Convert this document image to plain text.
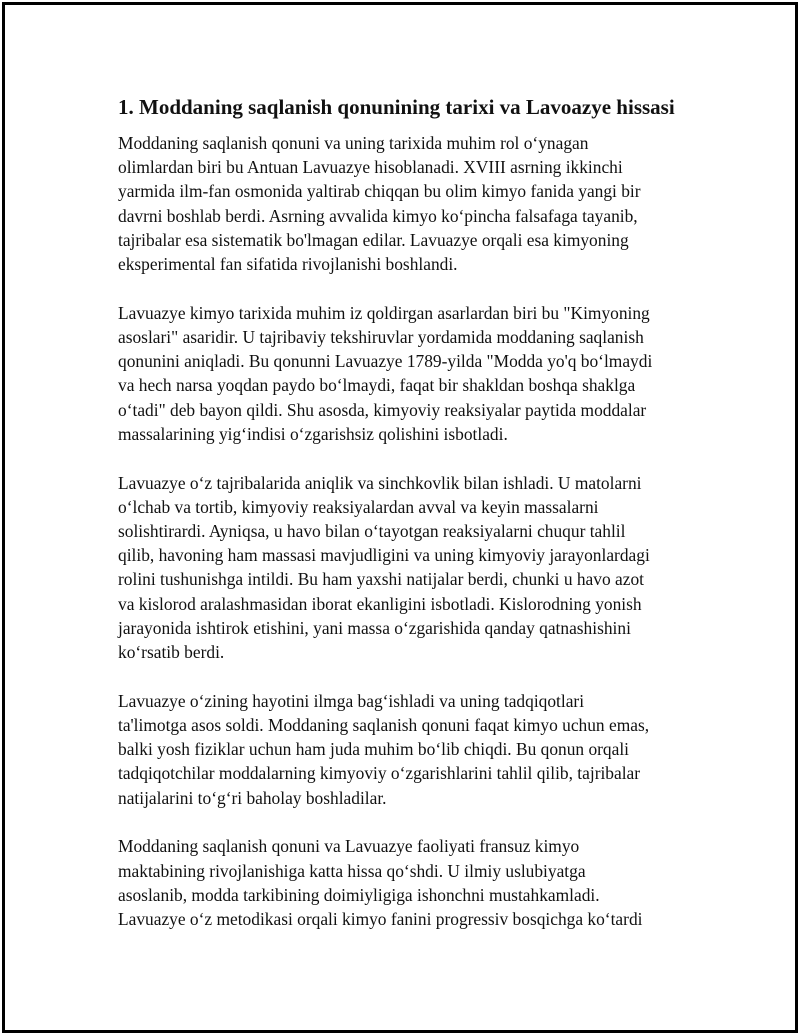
1. Moddaning saqlanish qonunining tarixi va Lavoazye hissasi

Moddaning saqlanish qonuni va uning tarixida muhim rol o‘ynagan
olimlardan biri bu Antuan Lavuazye hisoblanadi. XVIII asrning ikkinchi
yarmida ilm-fan osmonida yaltirab chiqqan bu olim kimyo fanida yangi bir
davrni boshlab berdi. Asrning avvalida kimyo ko‘pincha falsafaga tayanib,
tajribalar esa sistematik bo'lmagan edilar. Lavuazye orqali esa kimyoning
eksperimental fan sifatida rivojlanishi boshlandi.

Lavuazye kimyo tarixida muhim iz qoldirgan asarlardan biri bu "Kimyoning
asoslari" asaridir. U tajribaviy tekshiruvlar yordamida moddaning saqlanish
qonunini aniqladi. Bu qonunni Lavuazye 1789-yilda "Modda yo'q bo‘lmaydi
va hech narsa yoqdan paydo bo‘lmaydi, faqat bir shakldan boshqa shaklga
o‘tadi" deb bayon qildi. Shu asosda, kimyoviy reaksiyalar paytida moddalar
massalarining yig‘indisi o‘zgarishsiz qolishini isbotladi.

Lavuazye o‘z tajribalarida aniqlik va sinchkovlik bilan ishladi. U matolarni
o‘lchab va tortib, kimyoviy reaksiyalardan avval va keyin massalarni
solishtirardi. Ayniqsa, u havo bilan o‘tayotgan reaksiyalarni chuqur tahlil
qilib, havoning ham massasi mavjudligini va uning kimyoviy jarayonlardagi
rolini tushunishga intildi. Bu ham yaxshi natijalar berdi, chunki u havo azot
va kislorod aralashmasidan iborat ekanligini isbotladi. Kislorodning yonish
jarayonida ishtirok etishini, yani massa o‘zgarishida qanday qatnashishini
ko‘rsatib berdi.

Lavuazye o‘zining hayotini ilmga bag‘ishladi va uning tadqiqotlari
ta'limotga asos soldi. Moddaning saqlanish qonuni faqat kimyo uchun emas,
balki yosh fiziklar uchun ham juda muhim bo‘lib chiqdi. Bu qonun orqali
tadqiqotchilar moddalarning kimyoviy o‘zgarishlarini tahlil qilib, tajribalar
natijalarini to‘g‘ri baholay boshladilar.

Moddaning saqlanish qonuni va Lavuazye faoliyati fransuz kimyo
maktabining rivojlanishiga katta hissa qo‘shdi. U ilmiy uslubiyatga
asoslanib, modda tarkibining doimiyligiga ishonchni mustahkamladi.
Lavuazye o‘z metodikasi orqali kimyo fanini progressiv bosqichga ko‘tardi
